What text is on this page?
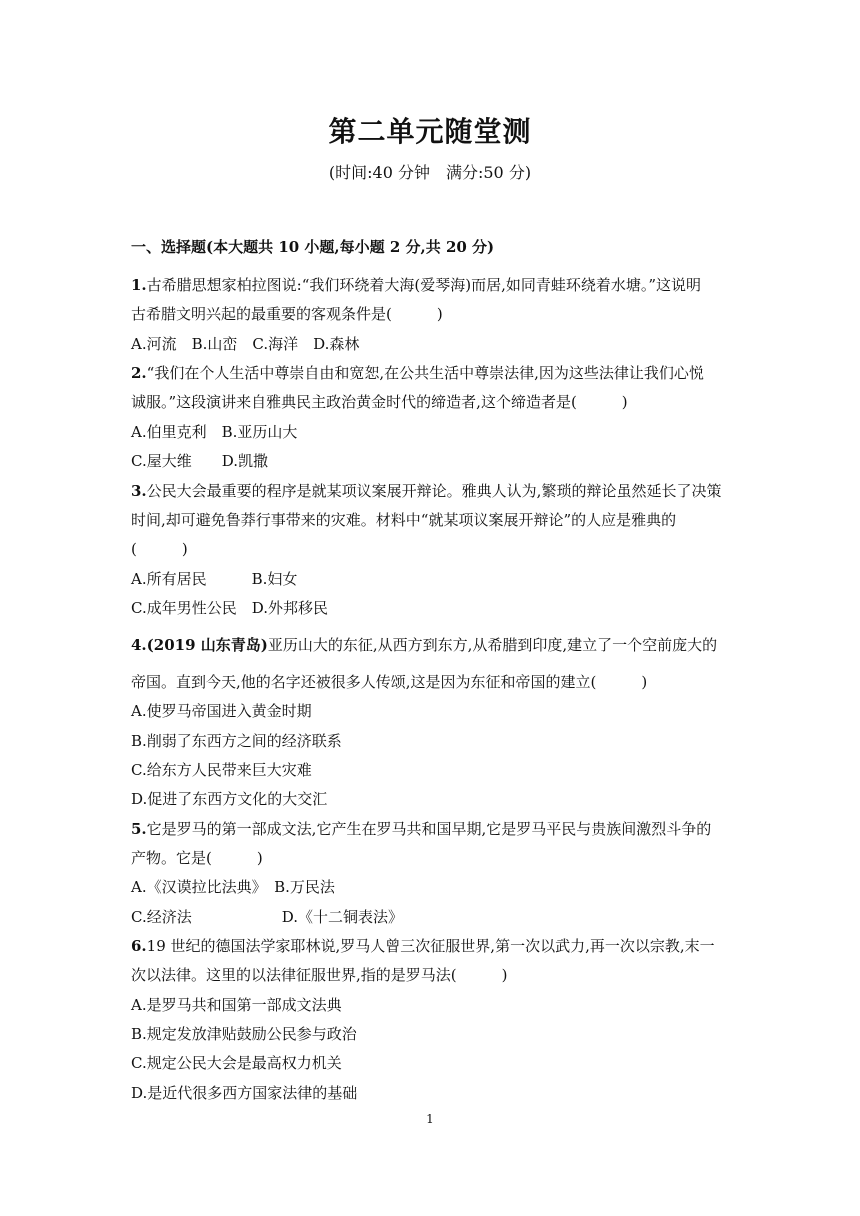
第二单元随堂测
(时间:40 分钟　满分:50 分)
一、选择题(本大题共 10 小题,每小题 2 分,共 20 分)
1.古希腊思想家柏拉图说:“我们环绕着大海(爱琴海)而居,如同青蛙环绕着水塘。”这说明
古希腊文明兴起的最重要的客观条件是(　　　)
A.河流　B.山峦　C.海洋　D.森林
2.“我们在个人生活中尊崇自由和宽恕,在公共生活中尊崇法律,因为这些法律让我们心悦
诚服。”这段演讲来自雅典民主政治黄金时代的缔造者,这个缔造者是(　　　)
A.伯里克利　B.亚历山大
C.屋大维　　D.凯撒
3.公民大会最重要的程序是就某项议案展开辩论。雅典人认为,繁琐的辩论虽然延长了决策
时间,却可避免鲁莽行事带来的灾难。材料中“就某项议案展开辩论”的人应是雅典的
(　　　)
A.所有居民　　　B.妇女
C.成年男性公民　D.外邦移民
4.(2019 山东青岛)亚历山大的东征,从西方到东方,从希腊到印度,建立了一个空前庞大的
帝国。直到今天,他的名字还被很多人传颂,这是因为东征和帝国的建立(　　　)
A.使罗马帝国进入黄金时期
B.削弱了东西方之间的经济联系
C.给东方人民带来巨大灾难
D.促进了东西方文化的大交汇
5.它是罗马的第一部成文法,它产生在罗马共和国早期,它是罗马平民与贵族间激烈斗争的
产物。它是(　　　)
A.《汉谟拉比法典》　B.万民法
C.经济法　　　　　　D.《十二铜表法》
6.19 世纪的德国法学家耶林说,罗马人曾三次征服世界,第一次以武力,再一次以宗教,末一
次以法律。这里的以法律征服世界,指的是罗马法(　　　)
A.是罗马共和国第一部成文法典
B.规定发放津贴鼓励公民参与政治
C.规定公民大会是最高权力机关
D.是近代很多西方国家法律的基础
1
